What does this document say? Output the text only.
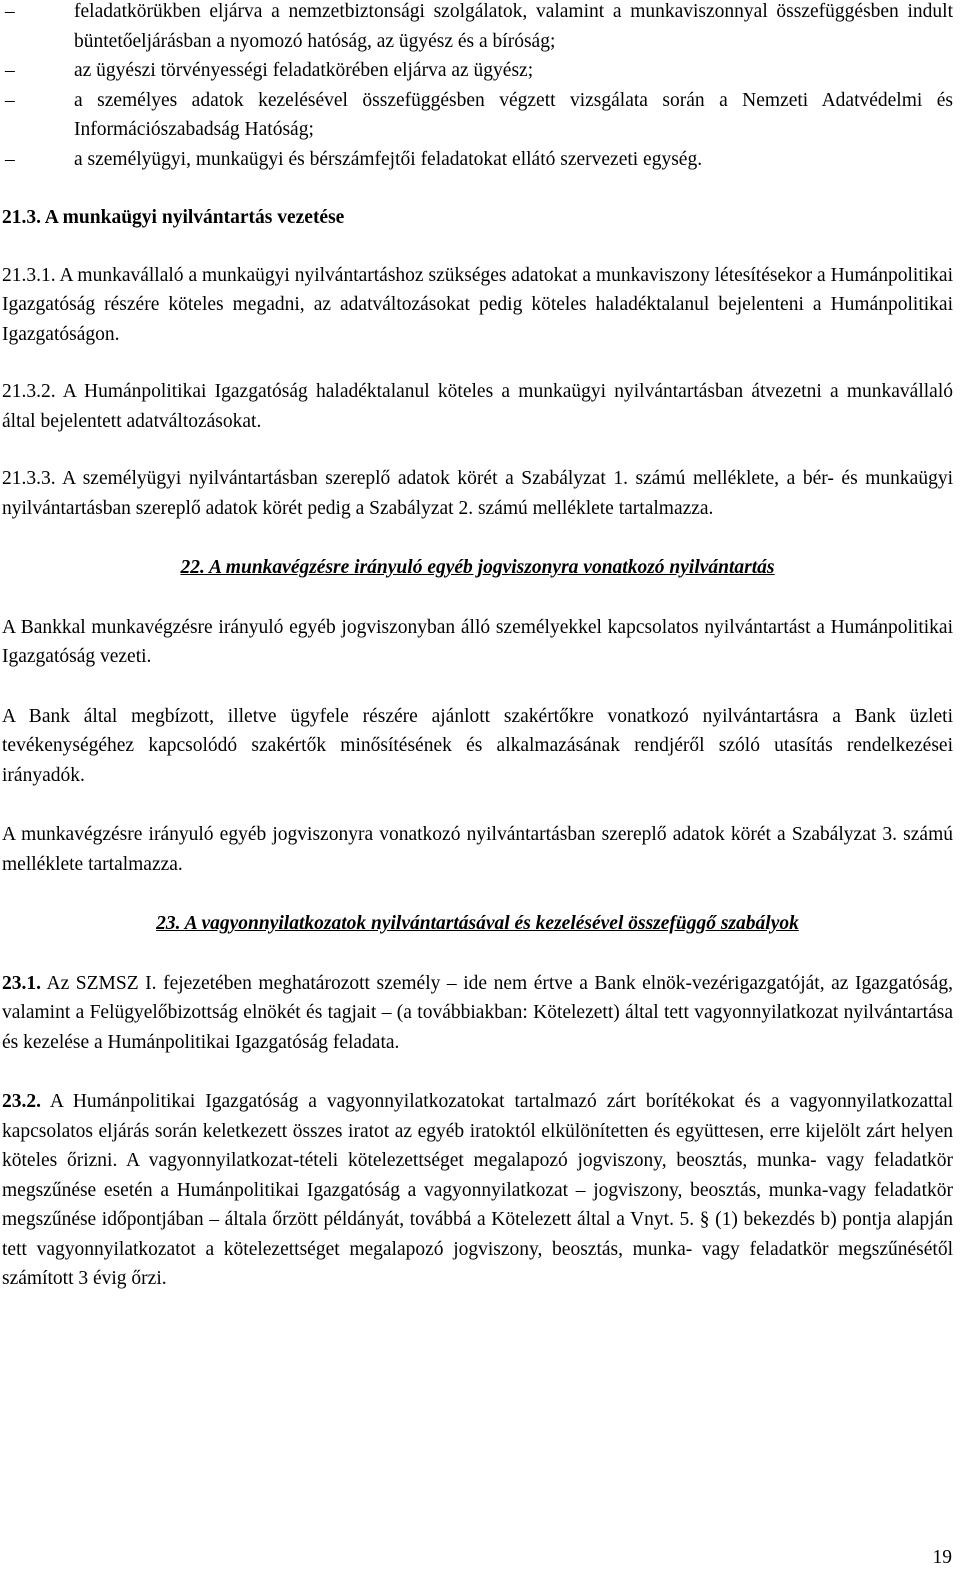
–	feladatkörükben eljárva a nemzetbiztonsági szolgálatok, valamint a munkaviszonnyal összefüggésben indult büntetőeljárásban a nyomozó hatóság, az ügyész és a bíróság;
–	az ügyészi törvényességi feladatkörében eljárva az ügyész;
–	a személyes adatok kezelésével összefüggésben végzett vizsgálata során a Nemzeti Adatvédelmi és Információszabadság Hatóság;
–	a személyügyi, munkaügyi és bérszámfejtői feladatokat ellátó szervezeti egység.

21.3. A munkaügyi nyilvántartás vezetése

21.3.1. A munkavállaló a munkaügyi nyilvántartáshoz szükséges adatokat a munkaviszony létesítésekor a Humánpolitikai Igazgatóság részére köteles megadni, az adatváltozásokat pedig köteles haladéktalanul bejelenteni a Humánpolitikai Igazgatóságon.

21.3.2. A Humánpolitikai Igazgatóság haladéktalanul köteles a munkaügyi nyilvántartásban átvezetni a munkavállaló által bejelentett adatváltozásokat.

21.3.3. A személyügyi nyilvántartásban szereplő adatok körét a Szabályzat 1. számú melléklete, a bér- és munkaügyi nyilvántartásban szereplő adatok körét pedig a Szabályzat 2. számú melléklete tartalmazza.

22. A munkavégzésre irányuló egyéb jogviszonyra vonatkozó nyilvántartás

A Bankkal munkavégzésre irányuló egyéb jogviszonyban álló személyekkel kapcsolatos nyilvántartást a Humánpolitikai Igazgatóság vezeti.

A Bank által megbízott, illetve ügyfele részére ajánlott szakértőkre vonatkozó nyilvántartásra a Bank üzleti tevékenységéhez kapcsolódó szakértők minősítésének és alkalmazásának rendjéről szóló utasítás rendelkezései irányadók.

A munkavégzésre irányuló egyéb jogviszonyra vonatkozó nyilvántartásban szereplő adatok körét a Szabályzat 3. számú melléklete tartalmazza.

23. A vagyonnyilatkozatok nyilvántartásával és kezelésével összefüggő szabályok

23.1. Az SZMSZ I. fejezetében meghatározott személy – ide nem értve a Bank elnök-vezérigazgatóját, az Igazgatóság, valamint a Felügyelőbizottság elnökét és tagjait – (a továbbiakban: Kötelezett) által tett vagyonnyilatkozat nyilvántartása és kezelése a Humánpolitikai Igazgatóság feladata.

23.2. A Humánpolitikai Igazgatóság a vagyonnyilatkozatokat tartalmazó zárt borítékokat és a vagyonnyilatkozattal kapcsolatos eljárás során keletkezett összes iratot az egyéb iratoktól elkülönítetten és együttesen, erre kijelölt zárt helyen köteles őrizni. A vagyonnyilatkozat-tételi kötelezettséget megalapozó jogviszony, beosztás, munka- vagy feladatkör megszűnése esetén a Humánpolitikai Igazgatóság a vagyonnyilatkozat – jogviszony, beosztás, munka-vagy feladatkör megszűnése időpontjában – általa őrzött példányát, továbbá a Kötelezett által a Vnyt. 5. § (1) bekezdés b) pontja alapján tett vagyonnyilatkozatot a kötelezettséget megalapozó jogviszony, beosztás, munka- vagy feladatkör megszűnésétől számított 3 évig őrzi.

19
